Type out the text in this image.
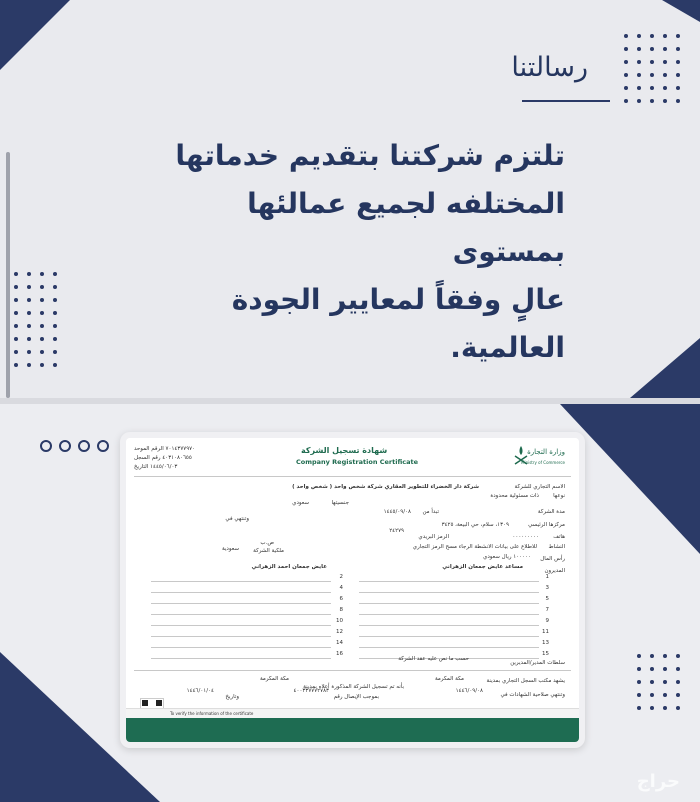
رسالتنا
تلتزم شركتنا بتقديم خدماتها
المختلفه لجميع عمالئها بمستوى
عالٍ وفقاً لمعايير الجودة العالمية.
شهادة تسجيل الشركة
Company Registration Certificate
وزارة التجارة
Ministry of Commerce
٧٠١٤٣٧٧٩٧٠ الرقم الموحد
٤٠٣١٠٨٠٦٥٥ رقم السجل
١٤٤٥/٠٦/٠٣ التاريخ
الاسم التجاري للشركة
شركة دار الخضراء للتطوير العقاري شركة شخص واحد ( شخص واحد )
نوعها
ذات مسئولية محدودة
جنسيتها
سعودي
مدة الشركة
تبدأ من
١٤٤٥/٠٩/٠٨
وتنتهي في
مركزها الرئيسي
١٣٠٩، سلام، حي البيعة، ٣٤٢٥
هاتف
٠٠٠٠٠٠٠٠٠
الرمز البريدي
٢٤٢٧٩
ص.ب
النشاط
للاطلاع على بيانات الانشطة الرجاء مسح الرمز التجاري
ملكية الشركة
سعودية
رأس المال
١٠٠٠٠٠ ريال سعودي
المديرون
مساعد عايض جمعان الزهراني
عايض جمعان احمد الزهراني
1
2
3
4
5
6
7
8
9
10
11
12
13
14
15
16
سلطات المدير/المديرين
حسب ما نص عليه عقد الشركة
يشهد مكتب السجل التجاري بمدينة
مكة المكرمة
بأنه تم تسجيل الشركة المذكورة أعلاه بمدينة
مكة المكرمة
وتنتهي صلاحية الشهادات في
١٤٤٦/٠٩/٠٨
بموجب الإيصال رقم
٤٠٠٣٣٧٧٧٢٧٨٣
وتاريخ
١٤٤٦/٠١/٠٤
To verify the information of the certificate
حراج
